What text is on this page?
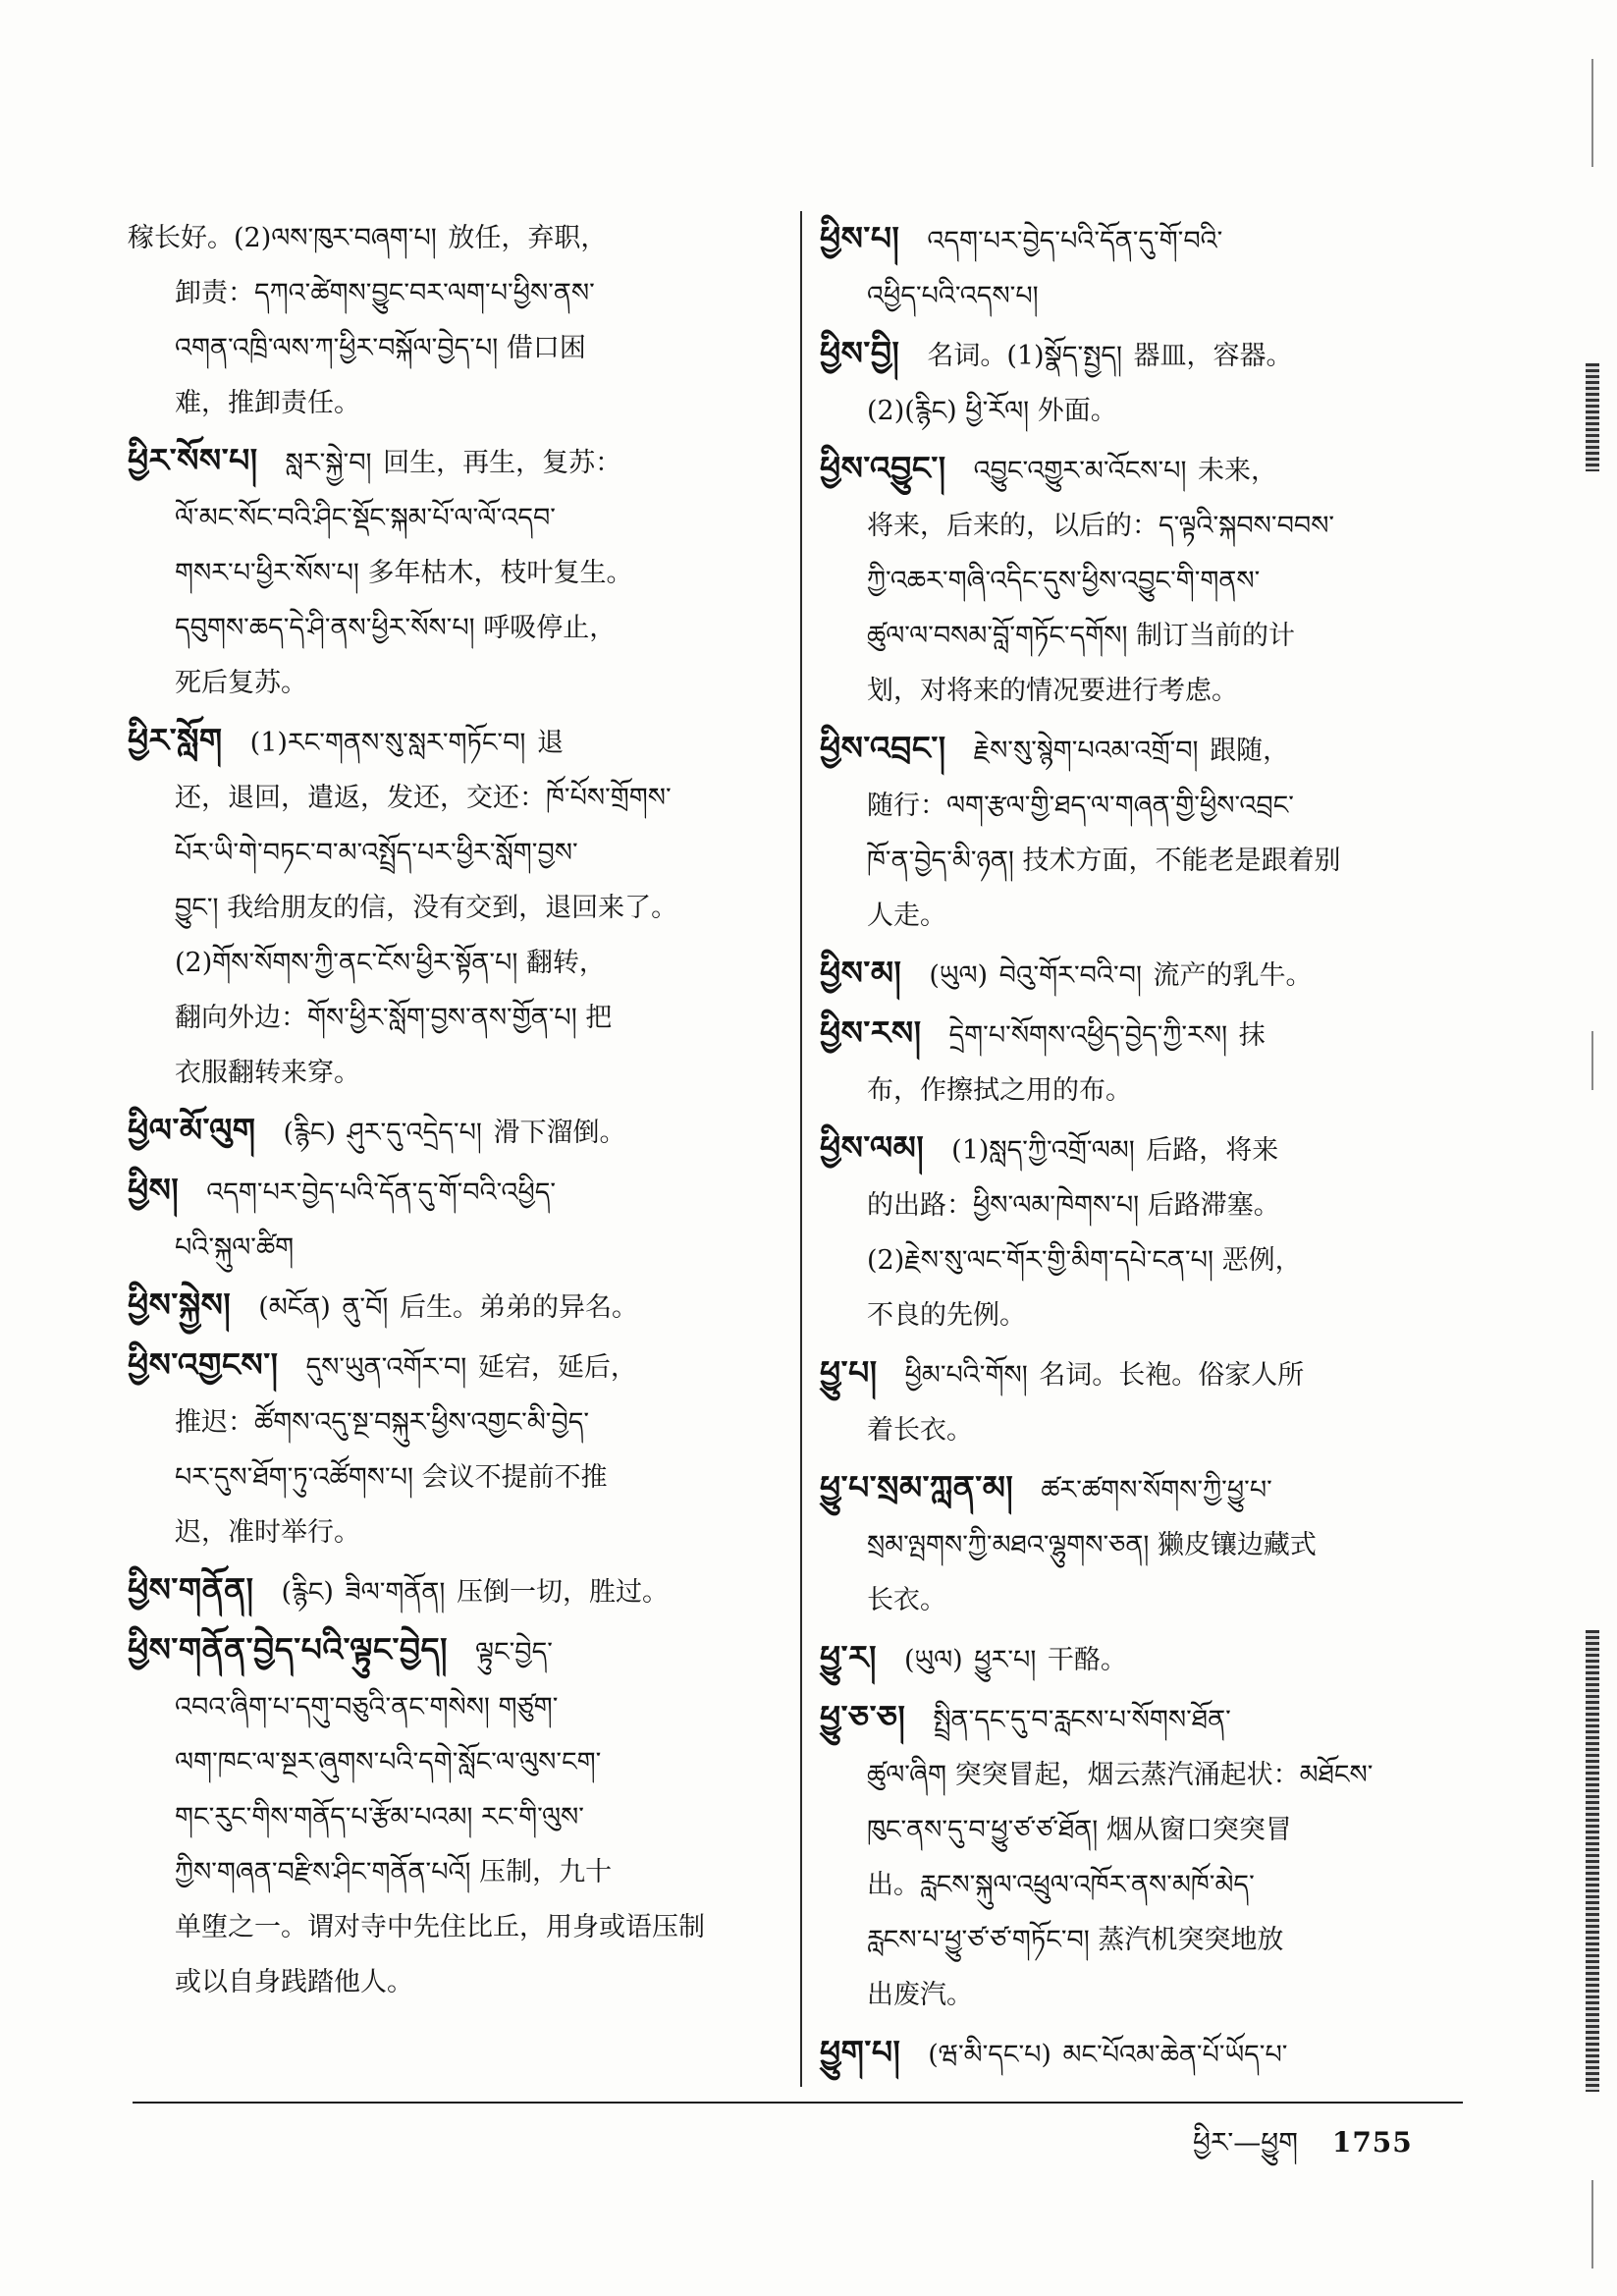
稼长好。(2)ལས་ཁུར་བཞག་པ། 放任，弃职，
卸责：དཀའ་ཚེགས་བྱུང་བར་ལག་པ་ཕྱིས་ནས་
འགན་འཁྲི་ལས་ཀ་ཕྱིར་བསྐོལ་བྱེད་པ། 借口困
难，推卸责任。
ཕྱིར་སོས་པ། སླར་སྐྱེ་བ། 回生，再生，复苏：
ལོ་མང་སོང་བའི་ཤིང་སྡོང་སྐམ་པོ་ལ་ལོ་འདབ་
གསར་པ་ཕྱིར་སོས་པ། 多年枯木，枝叶复生。
དབུགས་ཆད་དེ་ཤི་ནས་ཕྱིར་སོས་པ། 呼吸停止，
死后复苏。
ཕྱིར་སློག (1)རང་གནས་སུ་སླར་གཏོང་བ། 退
还，退回，遣返，发还，交还：ཁོ་པོས་གྲོགས་
པོར་ཡི་གེ་བཏང་བ་མ་འསྤྲོད་པར་ཕྱིར་སློག་བྱས་
བྱུང་། 我给朋友的信，没有交到，退回来了。
(2)གོས་སོགས་ཀྱི་ནང་ངོས་ཕྱིར་སྟོན་པ། 翻转，
翻向外边：གོས་ཕྱིར་སློག་བྱས་ནས་གྱོན་པ། 把
衣服翻转来穿。
ཕྱིལ་མོ་ལུག (རྙིང) ཤུར་དུ་འདྲེད་པ། 滑下溜倒。
ཕྱིས། འདག་པར་བྱེད་པའི་དོན་དུ་གོ་བའི་འཕྱིད་
པའི་སྐུལ་ཚིག
ཕྱིས་སྐྱེས། (མངོན) ནུ་བོ། 后生。弟弟的异名。
ཕྱིས་འགྱངས་། དུས་ཡུན་འགོར་བ། 延宕，延后，
推迟：ཚོགས་འདུ་སྔ་བསྐུར་ཕྱིས་འགྱང་མི་བྱེད་
པར་དུས་ཐོག་ཏུ་འཚོགས་པ། 会议不提前不推
迟，准时举行。
ཕྱིས་གནོན། (རྙིང) ཟིལ་གནོན། 压倒一切，胜过。
ཕྱིས་གནོན་བྱེད་པའི་ལྟུང་བྱེད། ལྟུང་བྱེད་
འབའ་ཞིག་པ་དགུ་བཅུའི་ནང་གསེས། གཙུག་
ལག་ཁང་ལ་སྔར་ཞུགས་པའི་དགེ་སློང་ལ་ལུས་ངག་
གང་རུང་གིས་གནོད་པ་རྩོམ་པའམ། རང་གི་ལུས་
ཀྱིས་གཞན་བརྫིས་ཤིང་གནོན་པའོ། 压制，九十
单堕之一。谓对寺中先住比丘，用身或语压制
或以自身践踏他人。
ཕྱིས་པ། འདག་པར་བྱེད་པའི་དོན་དུ་གོ་བའི་
འཕྱིད་པའི་འདས་པ།
ཕྱིས་བྱི། 名词。(1)སྣོད་སྤྱད། 器皿，容器。
(2)(རྙིང) ཕྱི་རོལ། 外面。
ཕྱིས་འབྱུང་། འབྱུང་འགྱུར་མ་འོངས་པ། 未来，
将来，后来的，以后的：ད་ལྟའི་སྐབས་བབས་
ཀྱི་འཆར་གཞི་འདིང་དུས་ཕྱིས་འབྱུང་གི་གནས་
ཚུལ་ལ་བསམ་བློ་གཏོང་དགོས། 制订当前的计
划，对将来的情况要进行考虑。
ཕྱིས་འབྲང་། རྗེས་སུ་སྙེག་པའམ་འགྲོ་བ། 跟随，
随行：ལག་རྩལ་གྱི་ཐད་ལ་གཞན་གྱི་ཕྱིས་འབྲང་
ཁོ་ན་བྱེད་མི་ཉན། 技术方面，不能老是跟着别
人走。
ཕྱིས་མ། (ཡུལ) བེའུ་གོར་བའི་བ། 流产的乳牛。
ཕྱིས་རས། དྲེག་པ་སོགས་འཕྱིད་བྱེད་ཀྱི་རས། 抹
布，作擦拭之用的布。
ཕྱིས་ལམ། (1)སླད་ཀྱི་འགྲོ་ལམ། 后路，将来
的出路：ཕྱིས་ལམ་ཁེགས་པ། 后路滞塞。
(2)རྗེས་སུ་ལང་གོར་གྱི་མིག་དཔེ་ངན་པ། 恶例，
不良的先例。
ཕྱུ་པ། ཕྱིམ་པའི་གོས། 名词。长袍。俗家人所
着长衣。
ཕྱུ་པ་སྲམ་ཀླན་མ། ཚར་ཚགས་སོགས་ཀྱི་ཕྱུ་པ་
སྲམ་ལྤགས་ཀྱི་མཐའ་ལྷུགས་ཅན། 獭皮镶边藏式
长衣。
ཕྱུ་ར། (ཡུལ) ཕྱུར་པ། 干酪。
ཕྱུ་ཅ་ཅ། སྤྲིན་དང་དུ་བ་རླངས་པ་སོགས་ཐོན་
ཚུལ་ཞིག 突突冒起，烟云蒸汽涌起状：མཐོངས་
ཁུང་ནས་དུ་བ་ཕྱུ་ཙ་ཙ་ཐོན། 烟从窗口突突冒
出。རླངས་སྐུལ་འཕྲུལ་འཁོར་ནས་མཁོ་མེད་
རླངས་པ་ཕྱུ་ཙ་ཙ་གཏོང་བ། 蒸汽机突突地放
出废汽。
ཕྱུག་པ། (ཝ་མི་དང་པ) མང་པོའམ་ཆེན་པོ་ཡོད་པ་
ཕྱིར་—ཕྱུག 1755
